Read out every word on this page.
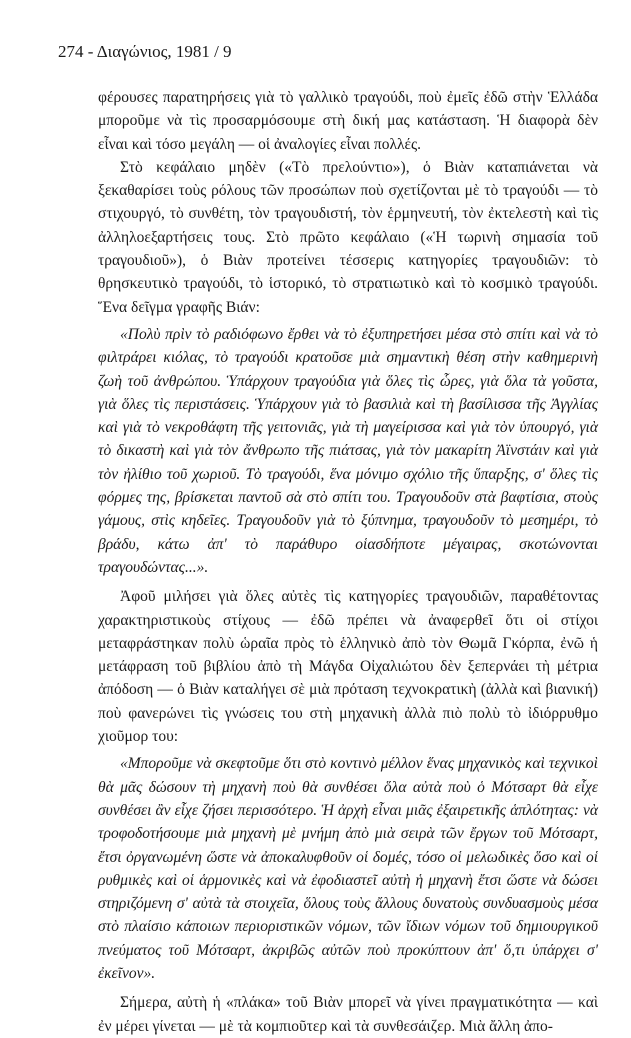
274 - Διαγώνιος, 1981 / 9

φέρουσες παρατηρήσεις γιὰ τὸ γαλλικὸ τραγούδι, ποὺ ἐμεῖς ἐδῶ στὴν Ἑλλάδα μποροῦμε νὰ τὶς προσαρμόσουμε στὴ δική μας κατάσταση. Ἡ διαφορὰ δὲν εἶναι καὶ τόσο μεγάλη — οἱ ἀναλογίες εἶναι πολλές.

Στὸ κεφάλαιο μηδὲν («Τὸ πρελούντιο»), ὁ Βιὰν καταπιάνεται νὰ ξεκαθαρίσει τοὺς ρόλους τῶν προσώπων ποὺ σχετίζονται μὲ τὸ τραγούδι — τὸ στιχουργό, τὸ συνθέτη, τὸν τραγουδιστή, τὸν ἑρμηνευτή, τὸν ἐκτελεστὴ καὶ τὶς ἀλληλοεξαρτήσεις τους. Στὸ πρῶτο κεφάλαιο («Ἡ τωρινὴ σημασία τοῦ τραγουδιοῦ»), ὁ Βιὰν προτείνει τέσσερις κατηγορίες τραγουδιῶν: τὸ θρησκευτικὸ τραγούδι, τὸ ἱστορικό, τὸ στρατιωτικὸ καὶ τὸ κοσμικὸ τραγούδι. Ἕνα δεῖγμα γραφῆς Βιάν:

«Πολὺ πρὶν τὸ ραδιόφωνο ἔρθει νὰ τὸ ἐξυπηρετήσει μέσα στὸ σπίτι καὶ νὰ τὸ φιλτράρει κιόλας, τὸ τραγούδι κρατοῦσε μιὰ σημαντικὴ θέση στὴν καθημερινὴ ζωὴ τοῦ ἀνθρώπου. Ὑπάρχουν τραγούδια γιὰ ὅλες τὶς ὧρες, γιὰ ὅλα τὰ γοῦστα, γιὰ ὅλες τὶς περιστάσεις. Ὑπάρχουν γιὰ τὸ βασιλιὰ καὶ τὴ βασίλισσα τῆς Ἀγγλίας καὶ γιὰ τὸ νεκροθάφτη τῆς γειτονιᾶς, γιὰ τὴ μαγείρισσα καὶ γιὰ τὸν ὑπουργό, γιὰ τὸ δικαστὴ καὶ γιὰ τὸν ἄνθρωπο τῆς πιάτσας, γιὰ τὸν μακαρίτη Ἀϊνστάιν καὶ γιὰ τὸν ἠλίθιο τοῦ χωριοῦ. Τὸ τραγούδι, ἕνα μόνιμο σχόλιο τῆς ὕπαρξης, σ' ὅλες τὶς φόρμες της, βρίσκεται παντοῦ σὰ στὸ σπίτι του. Τραγουδοῦν στὰ βαφτίσια, στοὺς γάμους, στὶς κηδεῖες. Τραγουδοῦν γιὰ τὸ ξύπνημα, τραγουδοῦν τὸ μεσημέρι, τὸ βράδυ, κάτω ἀπ' τὸ παράθυρο οἱασδήποτε μέγαιρας, σκοτώνονται τραγουδώντας...».

Ἀφοῦ μιλήσει γιὰ ὅλες αὐτὲς τὶς κατηγορίες τραγουδιῶν, παραθέτοντας χαρακτηριστικοὺς στίχους — ἐδῶ πρέπει νὰ ἀναφερθεῖ ὅτι οἱ στίχοι μεταφράστηκαν πολὺ ὡραῖα πρὸς τὸ ἑλληνικὸ ἀπὸ τὸν Θωμᾶ Γκόρπα, ἐνῶ ἡ μετάφραση τοῦ βιβλίου ἀπὸ τὴ Μάγδα Οἰχαλιώτου δὲν ξεπερνάει τὴ μέτρια ἀπόδοση — ὁ Βιὰν καταλήγει σὲ μιὰ πρόταση τεχνοκρατικὴ (ἀλλὰ καὶ βιανική) ποὺ φανερώνει τὶς γνώσεις του στὴ μηχανικὴ ἀλλὰ πιὸ πολὺ τὸ ἰδιόρρυθμο χιοῦμορ του:

«Μποροῦμε νὰ σκεφτοῦμε ὅτι στὸ κοντινὸ μέλλον ἕνας μηχανικὸς καὶ τεχνικοὶ θὰ μᾶς δώσουν τὴ μηχανὴ ποὺ θὰ συνθέσει ὅλα αὐτὰ ποὺ ὁ Μότσαρτ θὰ εἶχε συνθέσει ἂν εἶχε ζήσει περισσότερο. Ἡ ἀρχὴ εἶναι μιᾶς ἐξαιρετικῆς ἁπλότητας: νὰ τροφοδοτήσουμε μιὰ μηχανὴ μὲ μνήμη ἀπὸ μιὰ σειρὰ τῶν ἔργων τοῦ Μότσαρτ, ἔτσι ὀργανωμένη ὥστε νὰ ἀποκαλυφθοῦν οἱ δομές, τόσο οἱ μελωδικὲς ὅσο καὶ οἱ ρυθμικὲς καὶ οἱ ἁρμονικὲς καὶ νὰ ἐφοδιαστεῖ αὐτὴ ἡ μηχανὴ ἔτσι ὥστε νὰ δώσει στηριζόμενη σ' αὐτὰ τὰ στοιχεῖα, ὅλους τοὺς ἄλλους δυνατοὺς συνδυασμοὺς μέσα στὸ πλαίσιο κάποιων περιοριστικῶν νόμων, τῶν ἴδιων νόμων τοῦ δημιουργικοῦ πνεύματος τοῦ Μότσαρτ, ἀκριβῶς αὐτῶν ποὺ προκύπτουν ἀπ' ὅ,τι ὑπάρχει σ' ἐκεῖνον».

Σήμερα, αὐτὴ ἡ «πλάκα» τοῦ Βιὰν μπορεῖ νὰ γίνει πραγματικότητα — καὶ ἐν μέρει γίνεται — μὲ τὰ κομπιοῦτερ καὶ τὰ συνθεσάιζερ. Μιὰ ἄλλη ἀπο-
